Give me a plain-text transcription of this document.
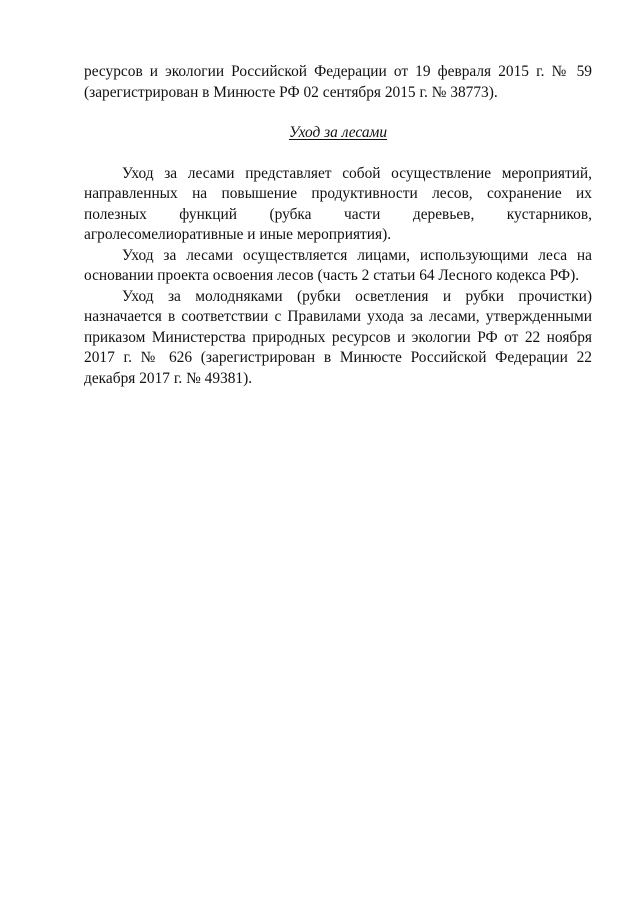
ресурсов и экологии Российской Федерации от 19 февраля 2015 г. № 59
(зарегистрирован в Минюсте РФ 02 сентября 2015 г. № 38773).

Уход за лесами

Уход за лесами представляет собой осуществление мероприятий, направленных на повышение продуктивности лесов, сохранение их полезных функций (рубка части деревьев, кустарников, агролесомелиоративные и иные мероприятия).

Уход за лесами осуществляется лицами, использующими леса на основании проекта освоения лесов (часть 2 статьи 64 Лесного кодекса РФ).

Уход за молодняками (рубки осветления и рубки прочистки) назначается в соответствии с Правилами ухода за лесами, утвержденными приказом Министерства природных ресурсов и экологии РФ от 22 ноября 2017 г. № 626 (зарегистрирован в Минюсте Российской Федерации 22 декабря 2017 г. № 49381).
